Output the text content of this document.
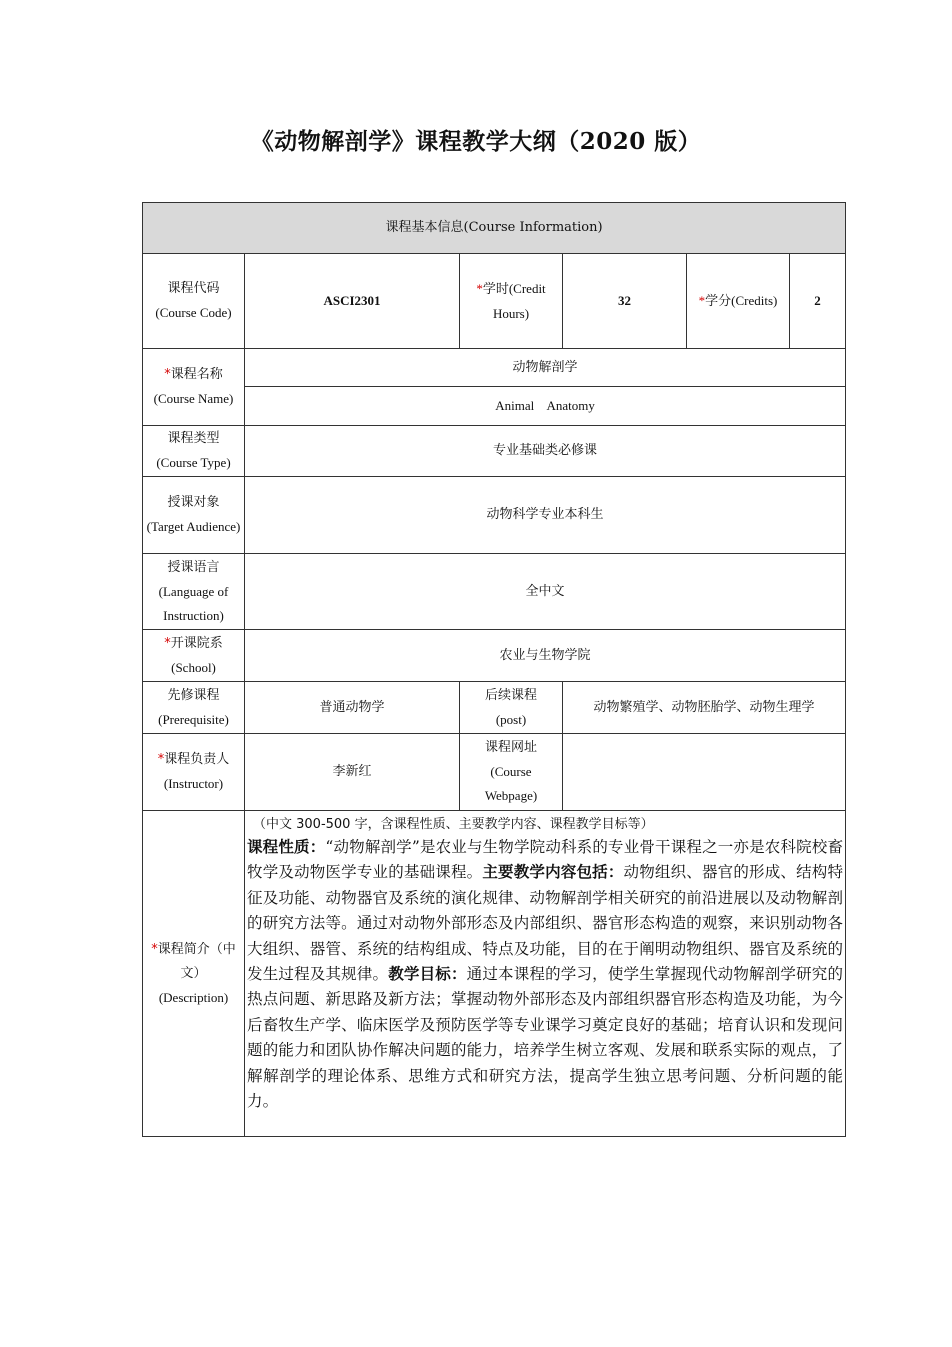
《动物解剖学》课程教学大纲（2020 版）
课程基本信息(Course Information)					

课程代码
(Course Code)	ASCI2301	*学时(Credit Hours)	32	*学分(Credits)	2

*课程名称
(Course Name)	动物解剖学				
	Animal    Anatomy				

课程类型
(Course Type)	专业基础类必修课				

授课对象
(Target Audience)	动物科学专业本科生				

授课语言
(Language of Instruction)	全中文				

*开课院系
(School)	农业与生物学院				

先修课程
(Prerequisite)	普通动物学	后续课程
(post)	动物繁殖学、动物胚胎学、动物生理学		

*课程负责人
(Instructor)	李新红	课程网址
(Course Webpage)			

*课程简介（中文）
(Description)	（中文 300-500 字，含课程性质、主要教学内容、课程教学目标等）
课程性质：“动物解剖学”是农业与生物学院动科系的专业骨干课程之一亦是农科院校畜牧学及动物医学专业的基础课程。主要教学内容包括：动物组织、器官的形成、结构特征及功能、动物器官及系统的演化规律、动物解剖学相关研究的前沿进展以及动物解剖的研究方法等。通过对动物外部形态及内部组织、器官形态构造的观察，来识别动物各大组织、器管、系统的结构组成、特点及功能，目的在于阐明动物组织、器官及系统的发生过程及其规律。教学目标：通过本课程的学习，使学生掌握现代动物解剖学研究的热点问题、新思路及新方法；掌握动物外部形态及内部组织器官形态构造及功能，为今后畜牧生产学、临床医学及预防医学等专业课学习奠定良好的基础；培育认识和发现问题的能力和团队协作解决问题的能力，培养学生树立客观、发展和联系实际的观点，了解解剖学的理论体系、思维方式和研究方法，提高学生独立思考问题、分析问题的能力。				
